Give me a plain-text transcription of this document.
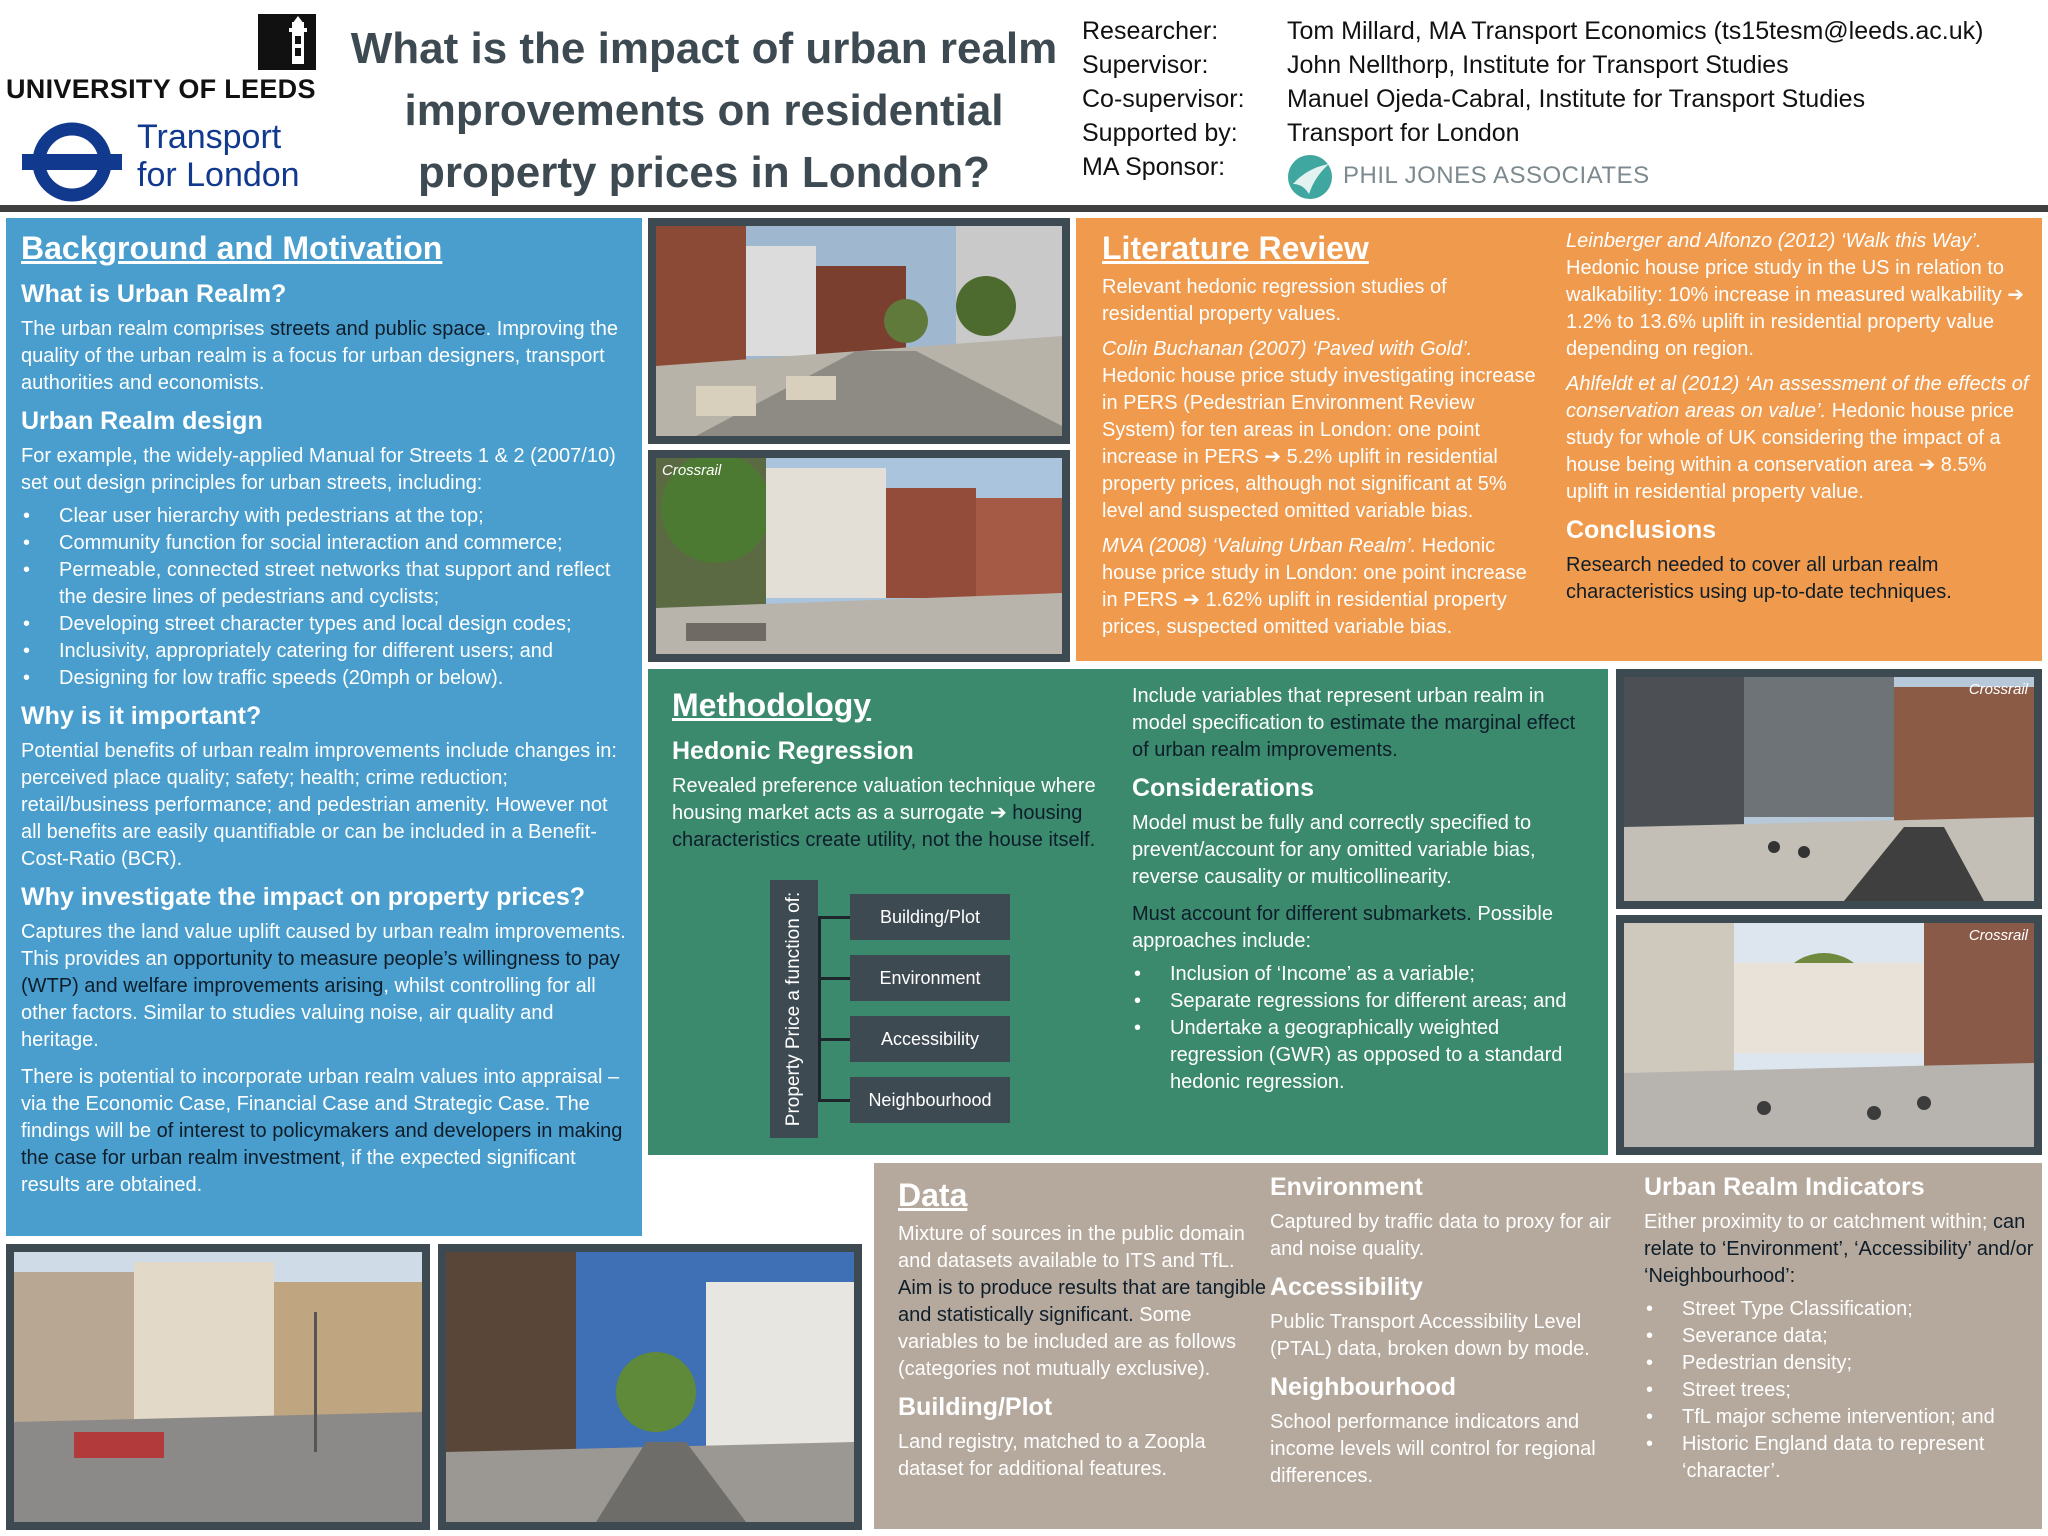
UNIVERSITY OF LEEDS
Transport
for London
What is the impact of urban realm improvements on residential property prices in London?
Researcher:	Tom Millard, MA Transport Economics (ts15tesm@leeds.ac.uk)
Supervisor:	John Nellthorp, Institute for Transport Studies
Co-supervisor: Manuel Ojeda-Cabral, Institute for Transport Studies
Supported by: Transport for London
MA Sponsor:	PHIL JONES ASSOCIATES
Background and Motivation
What is Urban Realm?
The urban realm comprises streets and public space. Improving the quality of the urban realm is a focus for urban designers, transport authorities and economists.
Urban Realm design
For example, the widely-applied Manual for Streets 1 & 2 (2007/10) set out design principles for urban streets, including:
• Clear user hierarchy with pedestrians at the top;
• Community function for social interaction and commerce;
• Permeable, connected street networks that support and reflect the desire lines of pedestrians and cyclists;
• Developing street character types and local design codes;
• Inclusivity, appropriately catering for different users; and
• Designing for low traffic speeds (20mph or below).
Why is it important?
Potential benefits of urban realm improvements include changes in: perceived place quality; safety; health; crime reduction; retail/business performance; and pedestrian amenity. However not all benefits are easily quantifiable or can be included in a Benefit-Cost-Ratio (BCR).
Why investigate the impact on property prices?
Captures the land value uplift caused by urban realm improvements. This provides an opportunity to measure people’s willingness to pay (WTP) and welfare improvements arising, whilst controlling for all other factors. Similar to studies valuing noise, air quality and heritage.
There is potential to incorporate urban realm values into appraisal – via the Economic Case, Financial Case and Strategic Case. The findings will be of interest to policymakers and developers in making the case for urban realm investment, if the expected significant results are obtained.
Literature Review
Relevant hedonic regression studies of residential property values.
Colin Buchanan (2007) ‘Paved with Gold’. Hedonic house price study investigating increase in PERS (Pedestrian Environment Review System) for ten areas in London: one point increase in PERS ➔ 5.2% uplift in residential property prices, although not significant at 5% level and suspected omitted variable bias.
MVA (2008) ‘Valuing Urban Realm’. Hedonic house price study in London: one point increase in PERS ➔ 1.62% uplift in residential property prices, suspected omitted variable bias.
Leinberger and Alfonzo (2012) ‘Walk this Way’. Hedonic house price study in the US in relation to walkability: 10% increase in measured walkability ➔ 1.2% to 13.6% uplift in residential property value depending on region.
Ahlfeldt et al (2012) ‘An assessment of the effects of conservation areas on value’. Hedonic house price study for whole of UK considering the impact of a house being within a conservation area ➔ 8.5% uplift in residential property value.
Conclusions
Research needed to cover all urban realm characteristics using up-to-date techniques.
Methodology
Hedonic Regression
Revealed preference valuation technique where housing market acts as a surrogate ➔ housing characteristics create utility, not the house itself.
Include variables that represent urban realm in model specification to estimate the marginal effect of urban realm improvements.
Considerations
Model must be fully and correctly specified to prevent/account for any omitted variable bias, reverse causality or multicollinearity.
Must account for different submarkets. Possible approaches include:
• Inclusion of ‘Income’ as a variable;
• Separate regressions for different areas; and
• Undertake a geographically weighted regression (GWR) as opposed to a standard hedonic regression.
Property Price a function of:	Building/Plot
Environment
Accessibility
Neighbourhood
Data
Mixture of sources in the public domain and datasets available to ITS and TfL. Aim is to produce results that are tangible and statistically significant. Some variables to be included are as follows (categories not mutually exclusive).
Building/Plot
Land registry, matched to a Zoopla dataset for additional features.
Environment
Captured by traffic data to proxy for air and noise quality.
Accessibility
Public Transport Accessibility Level (PTAL) data, broken down by mode.
Neighbourhood
School performance indicators and income levels will control for regional differences.
Urban Realm Indicators
Either proximity to or catchment within; can relate to ‘Environment’, ‘Accessibility’ and/or ‘Neighbourhood’:
• Street Type Classification;
• Severance data;
• Pedestrian density;
• Street trees;
• TfL major scheme intervention; and
• Historic England data to represent ‘character’.
Crossrail
Crossrail
Crossrail
